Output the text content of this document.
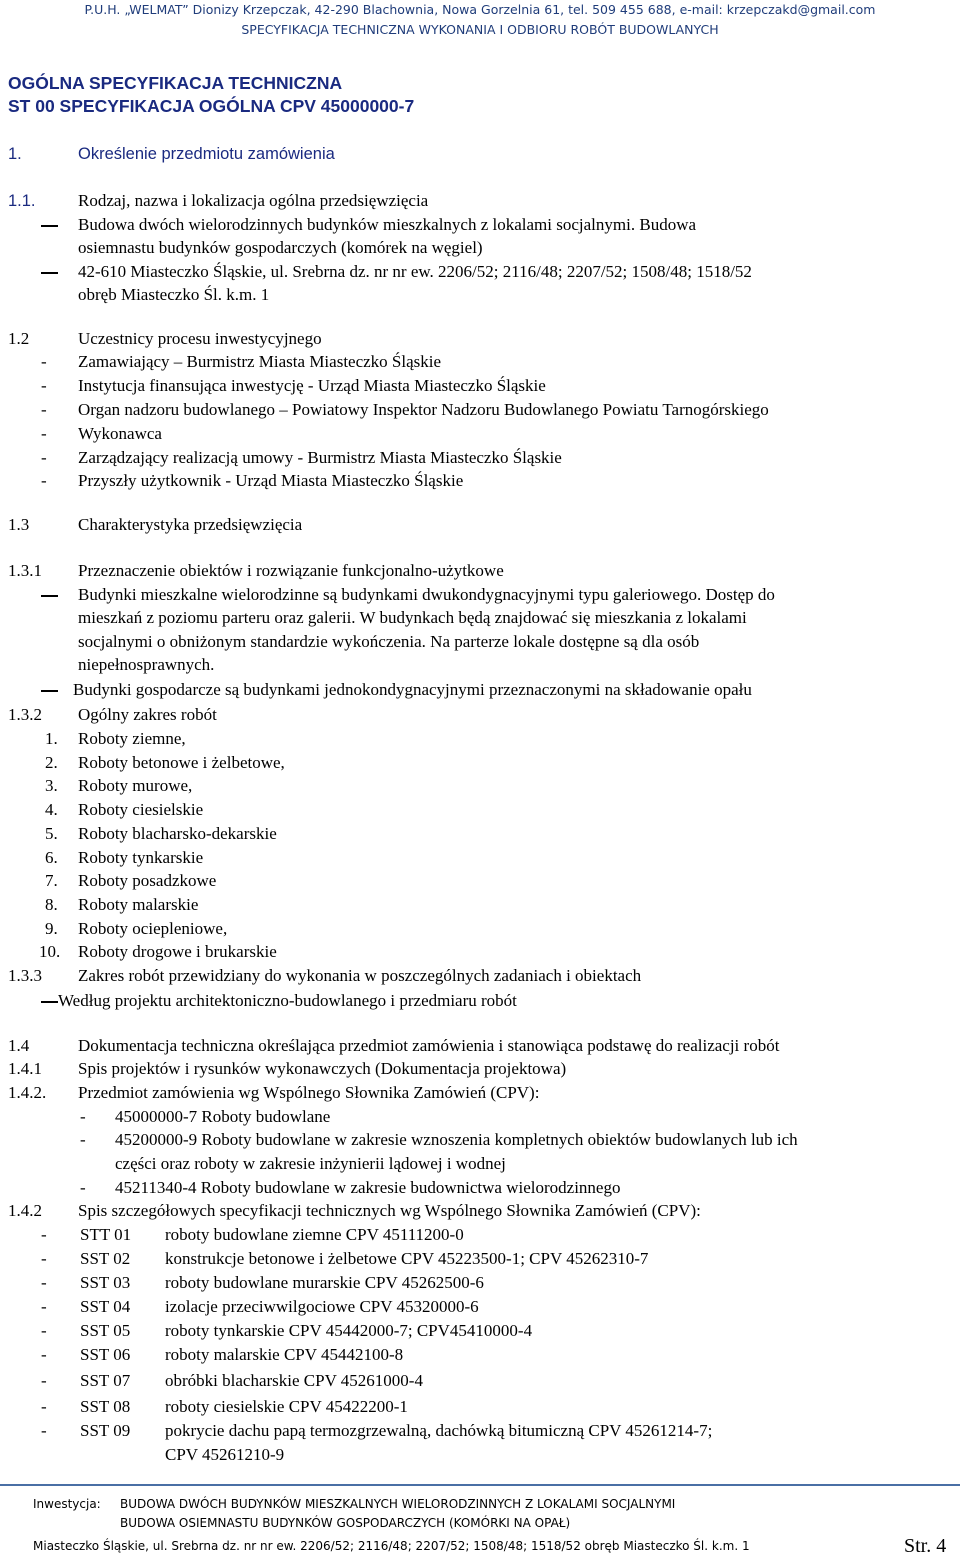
P.U.H. „WELMAT” Dionizy Krzepczak, 42-290 Blachownia, Nowa Gorzelnia 61, tel. 509 455 688, e-mail: krzepczakd@gmail.com
SPECYFIKACJA TECHNICZNA WYKONANIA I ODBIORU ROBÓT BUDOWLANYCH
OGÓLNA SPECYFIKACJA TECHNICZNA
ST 00 SPECYFIKACJA OGÓLNA CPV 45000000-7
1.	Określenie przedmiotu zamówienia
1.1. Rodzaj, nazwa i lokalizacja ogólna przedsięwzięcia
Budowa dwóch wielorodzinnych budynków mieszkalnych z lokalami socjalnymi. Budowa
osiemnastu budynków gospodarczych (komórek na węgiel)
42-610 Miasteczko Śląskie, ul. Srebrna dz. nr nr ew. 2206/52; 2116/48; 2207/52; 1508/48; 1518/52
obręb Miasteczko Śl. k.m. 1
1.2	Uczestnicy procesu inwestycyjnego
- Zamawiający – Burmistrz Miasta Miasteczko Śląskie
- Instytucja finansująca inwestycję - Urząd Miasta Miasteczko Śląskie
- Organ nadzoru budowlanego – Powiatowy Inspektor Nadzoru Budowlanego Powiatu Tarnogórskiego
- Wykonawca
- Zarządzający realizacją umowy - Burmistrz Miasta Miasteczko Śląskie
- Przyszły użytkownik - Urząd Miasta Miasteczko Śląskie
1.3	Charakterystyka przedsięwzięcia
1.3.1 Przeznaczenie obiektów i rozwiązanie funkcjonalno-użytkowe
Budynki mieszkalne wielorodzinne są budynkami dwukondygnacyjnymi typu galeriowego. Dostęp do
mieszkań z poziomu parteru oraz galerii. W budynkach będą znajdować się mieszkania z lokalami
socjalnymi o obniżonym standardzie wykończenia. Na parterze lokale dostępne są dla osób
niepełnosprawnych.
Budynki gospodarcze są budynkami jednokondygnacyjnymi przeznaczonymi na składowanie opału
1.3.2 Ogólny zakres robót
1. Roboty ziemne,
2. Roboty betonowe i żelbetowe,
3. Roboty murowe,
4. Roboty ciesielskie
5. Roboty blacharsko-dekarskie
6. Roboty tynkarskie
7. Roboty posadzkowe
8. Roboty malarskie
9. Roboty ociepleniowe,
10. Roboty drogowe i brukarskie
1.3.3 Zakres robót przewidziany do wykonania w poszczególnych zadaniach i obiektach
Według projektu architektoniczno-budowlanego i przedmiaru robót
1.4	Dokumentacja techniczna określająca przedmiot zamówienia i stanowiąca podstawę do realizacji robót
1.4.1 Spis projektów i rysunków wykonawczych (Dokumentacja projektowa)
1.4.2. Przedmiot zamówienia wg Wspólnego Słownika Zamówień (CPV):
- 45000000-7 Roboty budowlane
- 45200000-9 Roboty budowlane w zakresie wznoszenia kompletnych obiektów budowlanych lub ich
części oraz roboty w zakresie inżynierii lądowej i wodnej
- 45211340-4 Roboty budowlane w zakresie budownictwa wielorodzinnego
1.4.2 Spis szczegółowych specyfikacji technicznych wg Wspólnego Słownika Zamówień (CPV):
- STT 01 roboty budowlane ziemne CPV 45111200-0
- SST 02 konstrukcje betonowe i żelbetowe CPV 45223500-1; CPV 45262310-7
- SST 03 roboty budowlane murarskie CPV 45262500-6
- SST 04 izolacje przeciwwilgociowe CPV 45320000-6
- SST 05 roboty tynkarskie CPV 45442000-7; CPV45410000-4
- SST 06 roboty malarskie CPV 45442100-8
- SST 07 obróbki blacharskie CPV 45261000-4
- SST 08 roboty ciesielskie CPV 45422200-1
- SST 09 pokrycie dachu papą termozgrzewalną, dachówką bitumiczną CPV 45261214-7;
CPV 45261210-9
Inwestycja: BUDOWA DWÓCH BUDYNKÓW MIESZKALNYCH WIELORODZINNYCH Z LOKALAMI SOCJALNYMI
BUDOWA OSIEMNASTU BUDYNKÓW GOSPODARCZYCH (KOMÓRKI NA OPAŁ)
Miasteczko Śląskie, ul. Srebrna dz. nr nr ew. 2206/52; 2116/48; 2207/52; 1508/48; 1518/52 obręb Miasteczko Śl. k.m. 1	Str. 4
